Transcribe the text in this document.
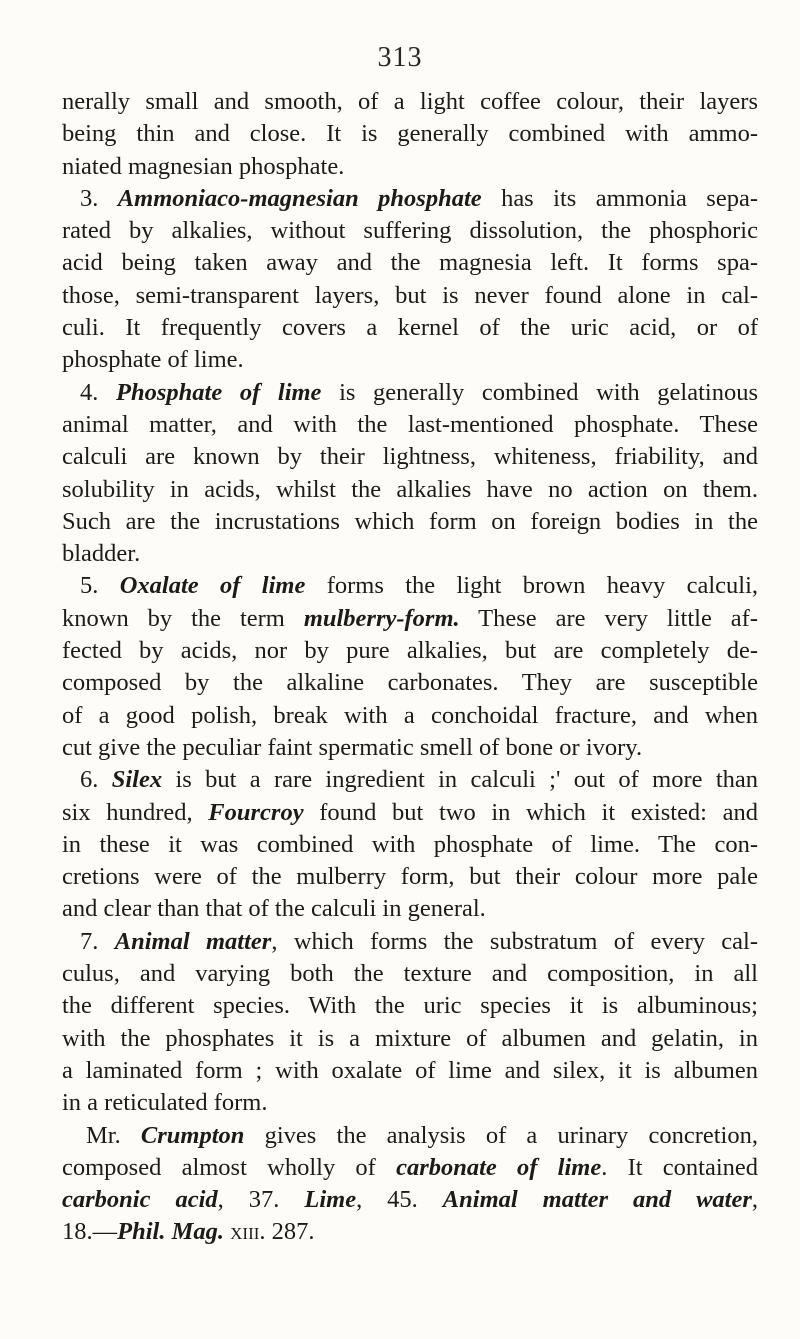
313
nerally small and smooth, of a light coffee colour, their layers
being thin and close. It is generally combined with ammo-
niated magnesian phosphate.
3. Ammoniaco-magnesian phosphate has its ammonia sepa-
rated by alkalies, without suffering dissolution, the phosphoric
acid being taken away and the magnesia left. It forms spa-
those, semi-transparent layers, but is never found alone in cal-
culi. It frequently covers a kernel of the uric acid, or of
phosphate of lime.
4. Phosphate of lime is generally combined with gelatinous
animal matter, and with the last-mentioned phosphate. These
calculi are known by their lightness, whiteness, friability, and
solubility in acids, whilst the alkalies have no action on them.
Such are the incrustations which form on foreign bodies in the
bladder.
5. Oxalate of lime forms the light brown heavy calculi,
known by the term mulberry-form. These are very little af-
fected by acids, nor by pure alkalies, but are completely de-
composed by the alkaline carbonates. They are susceptible
of a good polish, break with a conchoidal fracture, and when
cut give the peculiar faint spermatic smell of bone or ivory.
6. Silex is but a rare ingredient in calculi ;' out of more than
six hundred, Fourcroy found but two in which it existed: and
in these it was combined with phosphate of lime. The con-
cretions were of the mulberry form, but their colour more pale
and clear than that of the calculi in general.
7. Animal matter, which forms the substratum of every cal-
culus, and varying both the texture and composition, in all
the different species. With the uric species it is albuminous;
with the phosphates it is a mixture of albumen and gelatin, in
a laminated form ; with oxalate of lime and silex, it is albumen
in a reticulated form.
Mr. Crumpton gives the analysis of a urinary concretion,
composed almost wholly of carbonate of lime. It contained
carbonic acid, 37. Lime, 45. Animal matter and water,
18.—Phil. Mag. xiii. 287.
